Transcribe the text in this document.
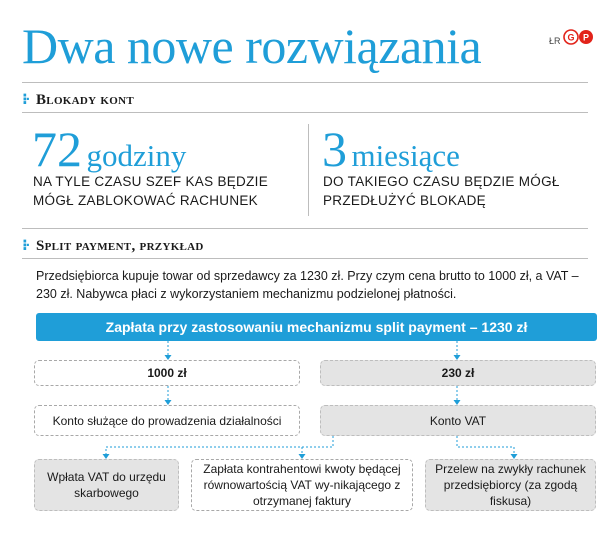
Dwa nowe rozwiązania	ŁR G P
⁝· Blokady kont
72 godziny
NA TYLE CZASU SZEF KAS BĘDZIE MÓGŁ ZABLOKOWAĆ RACHUNEK
3 miesiące
DO TAKIEGO CZASU BĘDZIE MÓGŁ PRZEDŁUŻYĆ BLOKADĘ
⁝· Split payment, przykład
Przedsiębiorca kupuje towar od sprzedawcy za 1230 zł. Przy czym cena brutto to 1000 zł, a VAT – 230 zł. Nabywca płaci z wykorzystaniem mechanizmu podzielonej płatności.
Zapłata przy zastosowaniu mechanizmu split payment – 1230 zł
1000 zł	230 zł
Konto służące do prowadzenia działalności	Konto VAT
Wpłata VAT do urzędu skarbowego
Zapłata kontrahentowi kwoty będącej równowartością VAT wy-nikającego z otrzymanej faktury
Przelew na zwykły rachunek przedsiębiorcy (za zgodą fiskusa)
